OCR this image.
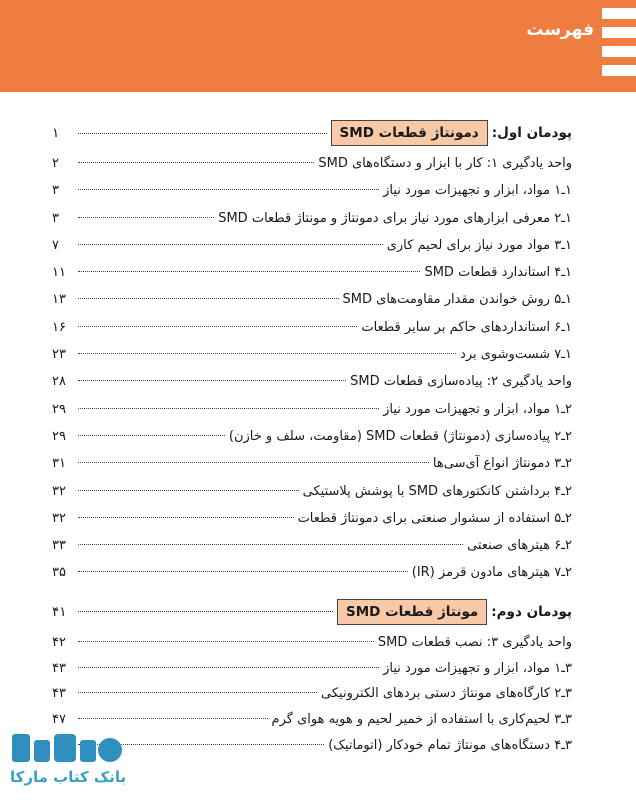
فهرست
پودمان اول:
دمونتاژ قطعات SMD
۱
واحد یادگیری ۱: کار با ابزار و دستگاه‌های SMD
۲
۱ـ۱ مواد، ابزار و تجهیزات مورد نیاز
۳
۱ـ۲ معرفی ابزارهای مورد نیاز برای دمونتاژ و مونتاژ قطعات SMD
۳
۱ـ۳ مواد مورد نیاز برای لحیم کاری
۷
۱ـ۴ استاندارد قطعات SMD
۱۱
۱ـ۵ روش خواندن مقدار مقاومت‌های SMD
۱۳
۱ـ۶ استانداردهای حاکم بر سایر قطعات
۱۶
۱ـ۷ شست‌وشوی برد
۲۳
واحد یادگیری ۲: پیاده‌سازی قطعات SMD
۲۸
۲ـ۱ مواد، ابزار و تجهیزات مورد نیاز
۲۹
۲ـ۲ پیاده‌سازی (دمونتاژ) قطعات SMD (مقاومت، سلف و خازن)
۲۹
۲ـ۳ دمونتاژ انواع آی‌سی‌ها
۳۱
۲ـ۴ برداشتن کانکتورهای SMD با پوشش پلاستیکی
۳۲
۲ـ۵ استفاده از سشوار صنعتی برای دمونتاژ قطعات
۳۲
۲ـ۶ هیترهای صنعتی
۳۳
۲ـ۷ هیترهای مادون قرمز (IR)
۳۵
پودمان دوم:
مونتاژ قطعات SMD
۴۱
واحد یادگیری ۳: نصب قطعات SMD
۴۲
۳ـ۱ مواد، ابزار و تجهیزات مورد نیاز
۴۳
۳ـ۲ کارگاه‌های مونتاژ دستی بردهای الکترونیکی
۴۳
۳ـ۳ لحیم‌کاری با استفاده از خمیر لحیم و هویه هوای گرم
۴۷
۳ـ۴ دستگاه‌های مونتاژ تمام خودکار (اتوماتیک)
بانک کتاب مارکا
